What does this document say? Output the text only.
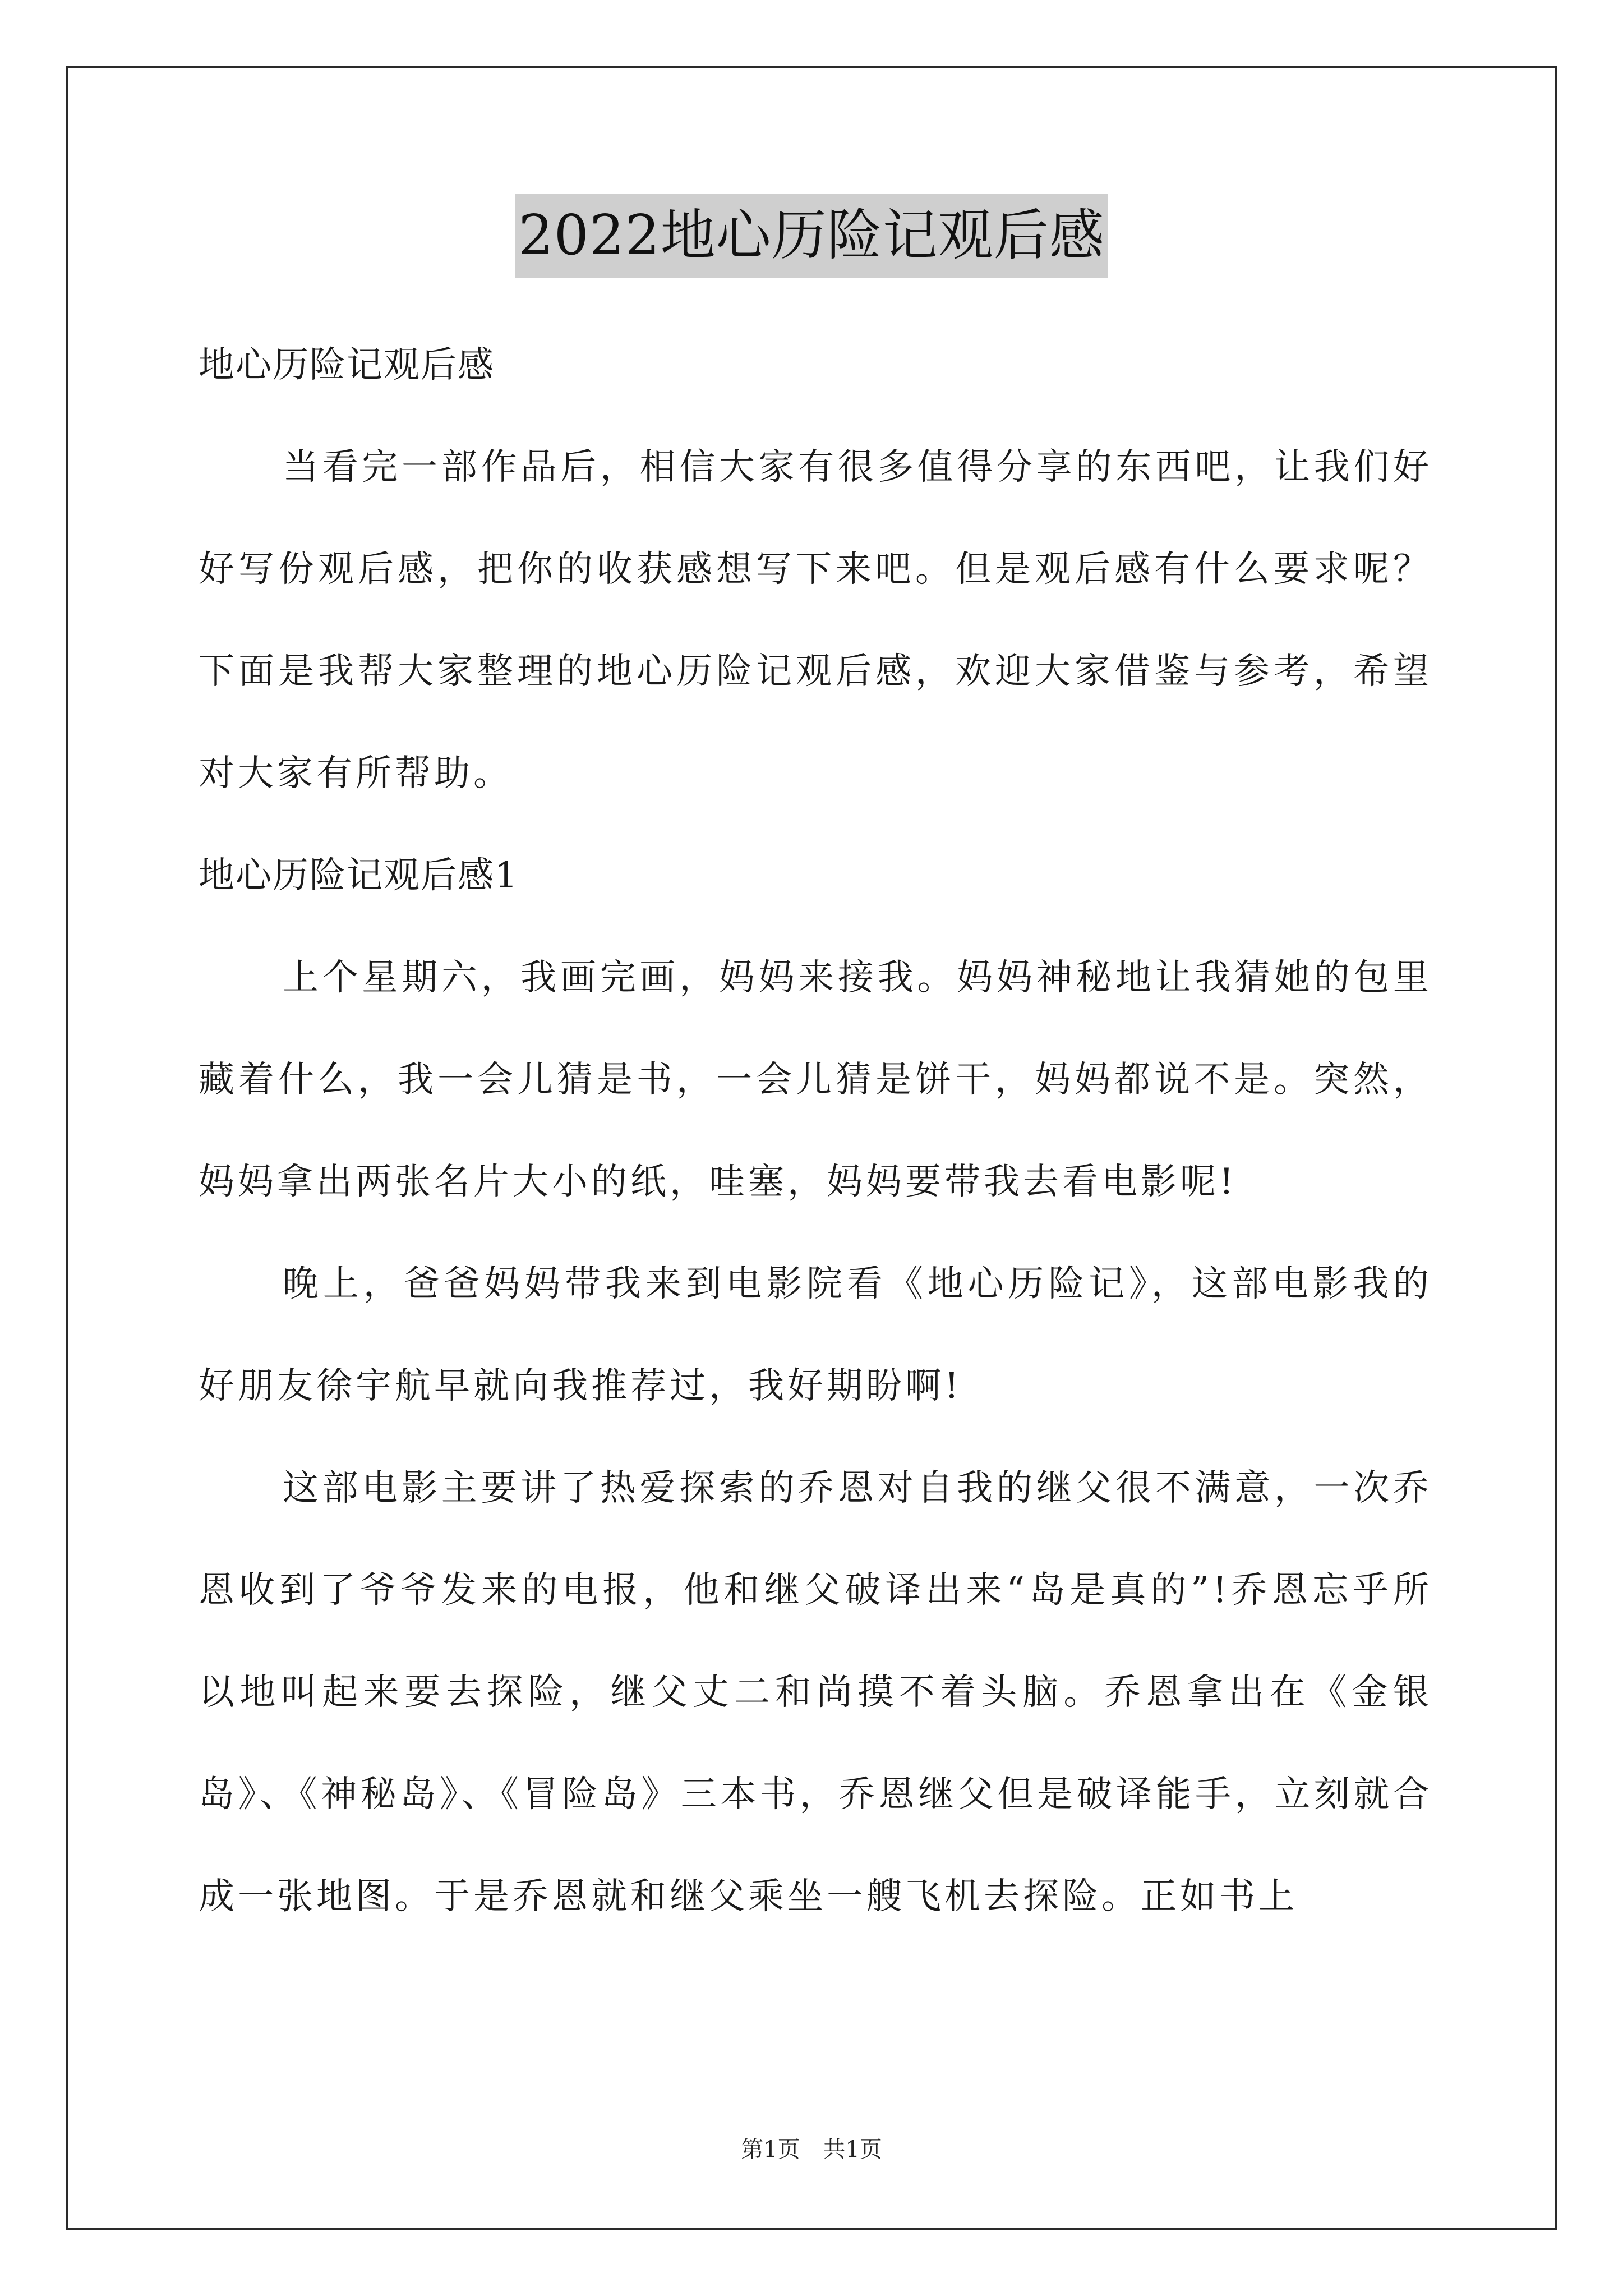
2022地心历险记观后感

地心历险记观后感

当看完一部作品后，相信大家有很多值得分享的东西吧，让我们好好写份观后感，把你的收获感想写下来吧。但是观后感有什么要求呢？下面是我帮大家整理的地心历险记观后感，欢迎大家借鉴与参考，希望对大家有所帮助。

地心历险记观后感1

上个星期六，我画完画，妈妈来接我。妈妈神秘地让我猜她的包里藏着什么，我一会儿猜是书，一会儿猜是饼干，妈妈都说不是。突然，妈妈拿出两张名片大小的纸，哇塞，妈妈要带我去看电影呢!

晚上，爸爸妈妈带我来到电影院看《地心历险记》，这部电影我的好朋友徐宇航早就向我推荐过，我好期盼啊!

这部电影主要讲了热爱探索的乔恩对自我的继父很不满意，一次乔恩收到了爷爷发来的电报，他和继父破译出来“岛是真的”!乔恩忘乎所以地叫起来要去探险，继父丈二和尚摸不着头脑。乔恩拿出在《金银岛》、《神秘岛》、《冒险岛》三本书，乔恩继父但是破译能手，立刻就合成一张地图。于是乔恩就和继父乘坐一艘飞机去探险。正如书上

第1页 共1页
